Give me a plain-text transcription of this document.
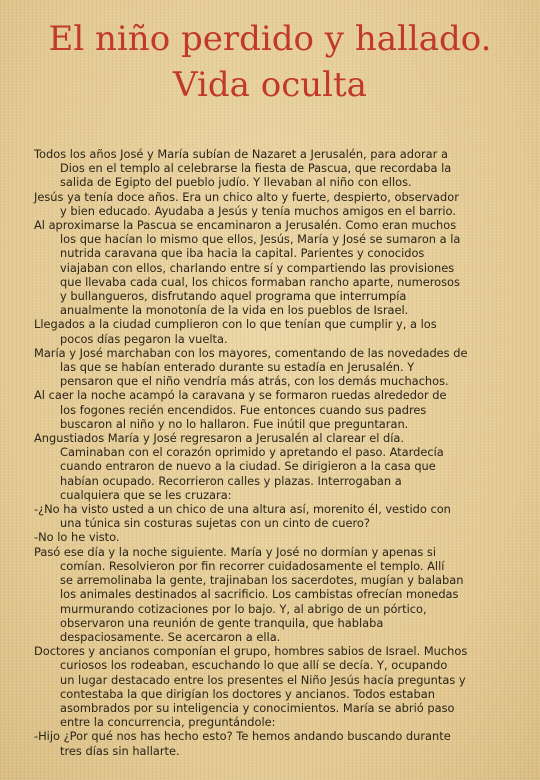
El niño perdido y hallado.
Vida oculta

Todos los años José y María subían de Nazaret a Jerusalén, para adorar a
Dios en el templo al celebrarse la fiesta de Pascua, que recordaba la
salida de Egipto del pueblo judío. Y llevaban al niño con ellos.

Jesús ya tenía doce años. Era un chico alto y fuerte, despierto, observador
y bien educado. Ayudaba a Jesús y tenía muchos amigos en el barrio.

Al aproximarse la Pascua se encaminaron a Jerusalén. Como eran muchos
los que hacían lo mismo que ellos, Jesús, María y José se sumaron a la
nutrida caravana que iba hacia la capital. Parientes y conocidos
viajaban con ellos, charlando entre sí y compartiendo las provisiones
que llevaba cada cual, los chicos formaban rancho aparte, numerosos
y bullangueros, disfrutando aquel programa que interrumpía
anualmente la monotonía de la vida en los pueblos de Israel.

Llegados a la ciudad cumplieron con lo que tenían que cumplir y, a los
pocos días pegaron la vuelta.

María y José marchaban con los mayores, comentando de las novedades de
las que se habían enterado durante su estadía en Jerusalén. Y
pensaron que el niño vendría más atrás, con los demás muchachos.

Al caer la noche acampó la caravana y se formaron ruedas alrededor de
los fogones recién encendidos. Fue entonces cuando sus padres
buscaron al niño y no lo hallaron. Fue inútil que preguntaran.

Angustiados María y José regresaron a Jerusalén al clarear el día.
Caminaban con el corazón oprimido y apretando el paso. Atardecía
cuando entraron de nuevo a la ciudad. Se dirigieron a la casa que
habían ocupado. Recorrieron calles y plazas. Interrogaban a
cualquiera que se les cruzara:

-¿No ha visto usted a un chico de una altura así, morenito él, vestido con
una túnica sin costuras sujetas con un cinto de cuero?

-No lo he visto.

Pasó ese día y la noche siguiente. María y José no dormían y apenas si
comían. Resolvieron por fin recorrer cuidadosamente el templo. Allí
se arremolinaba la gente, trajinaban los sacerdotes, mugían y balaban
los animales destinados al sacrificio. Los cambistas ofrecían monedas
murmurando cotizaciones por lo bajo. Y, al abrigo de un pórtico,
observaron una reunión de gente tranquila, que hablaba
despaciosamente. Se acercaron a ella.

Doctores y ancianos componían el grupo, hombres sabios de Israel. Muchos
curiosos los rodeaban, escuchando lo que allí se decía. Y, ocupando
un lugar destacado entre los presentes el Niño Jesús hacía preguntas y
contestaba la que dirigían los doctores y ancianos. Todos estaban
asombrados por su inteligencia y conocimientos. María se abrió paso
entre la concurrencia, preguntándole:

-Hijo ¿Por qué nos has hecho esto? Te hemos andando buscando durante
tres días sin hallarte.
